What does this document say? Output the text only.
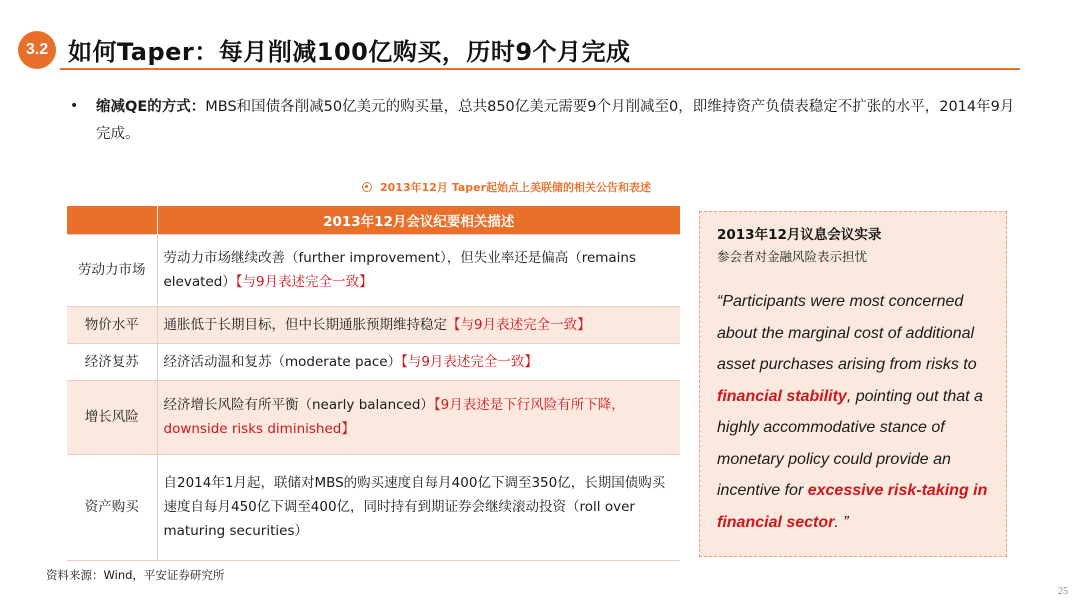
3.2 如何Taper：每月削减100亿购买，历时9个月完成
• 缩减QE的方式：MBS和国债各削减50亿美元的购买量，总共850亿美元需要9个月削减至0，即维持资产负债表稳定不扩张的水平，2014年9月完成。
2013年12月 Taper起始点上美联储的相关公告和表述
	2013年12月会议纪要相关描述
劳动力市场	劳动力市场继续改善（further improvement），但失业率还是偏高（remains elevated）【与9月表述完全一致】
物价水平	通胀低于长期目标，但中长期通胀预期维持稳定【与9月表述完全一致】
经济复苏	经济活动温和复苏（moderate pace）【与9月表述完全一致】
增长风险	经济增长风险有所平衡（nearly balanced）【9月表述是下行风险有所下降，downside risks diminished】
资产购买	自2014年1月起，联储对MBS的购买速度自每月400亿下调至350亿，长期国债购买速度自每月450亿下调至400亿，同时持有到期证券会继续滚动投资（roll over maturing securities）
2013年12月议息会议实录
参会者对金融风险表示担忧
“Participants were most concerned about the marginal cost of additional asset purchases arising from risks to financial stability, pointing out that a highly accommodative stance of monetary policy could provide an incentive for excessive risk-taking in financial sector. ”
资料来源：Wind，平安证券研究所
25
